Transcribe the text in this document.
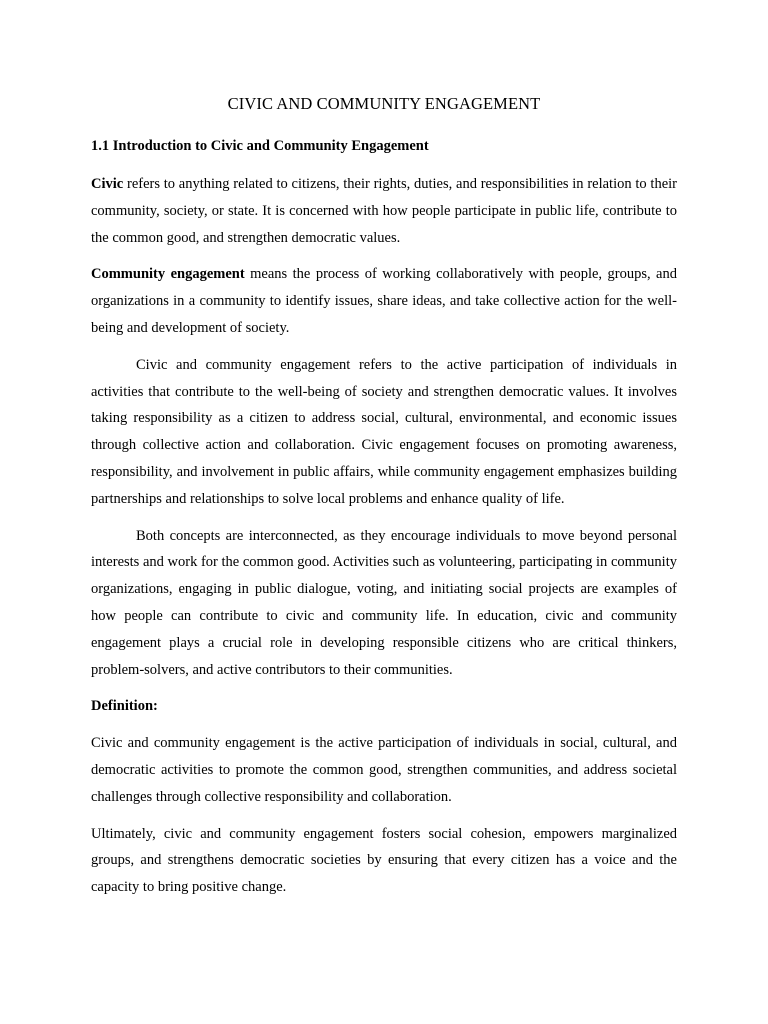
CIVIC AND COMMUNITY ENGAGEMENT
1.1 Introduction to Civic and Community Engagement

Civic refers to anything related to citizens, their rights, duties, and responsibilities in relation to their community, society, or state. It is concerned with how people participate in public life, contribute to the common good, and strengthen democratic values.

Community engagement means the process of working collaboratively with people, groups, and organizations in a community to identify issues, share ideas, and take collective action for the well-being and development of society.

Civic and community engagement refers to the active participation of individuals in activities that contribute to the well-being of society and strengthen democratic values. It involves taking responsibility as a citizen to address social, cultural, environmental, and economic issues through collective action and collaboration. Civic engagement focuses on promoting awareness, responsibility, and involvement in public affairs, while community engagement emphasizes building partnerships and relationships to solve local problems and enhance quality of life.

Both concepts are interconnected, as they encourage individuals to move beyond personal interests and work for the common good. Activities such as volunteering, participating in community organizations, engaging in public dialogue, voting, and initiating social projects are examples of how people can contribute to civic and community life. In education, civic and community engagement plays a crucial role in developing responsible citizens who are critical thinkers, problem-solvers, and active contributors to their communities.

Definition:

Civic and community engagement is the active participation of individuals in social, cultural, and democratic activities to promote the common good, strengthen communities, and address societal challenges through collective responsibility and collaboration.

Ultimately, civic and community engagement fosters social cohesion, empowers marginalized groups, and strengthens democratic societies by ensuring that every citizen has a voice and the capacity to bring positive change.
